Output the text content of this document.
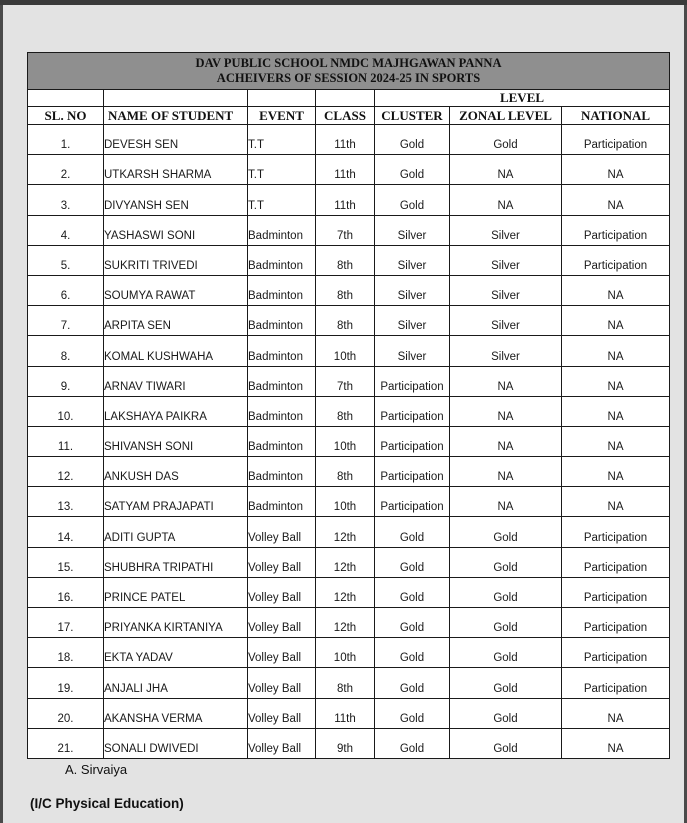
DAV PUBLIC SCHOOL NMDC MAJHGAWAN PANNA
ACHEIVERS OF SESSION 2024-25 IN SPORTS						

				LEVEL		
SL. NO	NAME OF STUDENT	EVENT	CLASS	CLUSTER	ZONAL LEVEL	NATIONAL
1.	DEVESH SEN	T.T	11th	Gold	Gold	Participation
2.	UTKARSH SHARMA	T.T	11th	Gold	NA	NA
3.	DIVYANSH SEN	T.T	11th	Gold	NA	NA
4.	YASHASWI SONI	Badminton	7th	Silver	Silver	Participation
5.	SUKRITI TRIVEDI	Badminton	8th	Silver	Silver	Participation
6.	SOUMYA RAWAT	Badminton	8th	Silver	Silver	NA
7.	ARPITA SEN	Badminton	8th	Silver	Silver	NA
8.	KOMAL KUSHWAHA	Badminton	10th	Silver	Silver	NA
9.	ARNAV TIWARI	Badminton	7th	Participation	NA	NA
10.	LAKSHAYA PAIKRA	Badminton	8th	Participation	NA	NA
11.	SHIVANSH SONI	Badminton	10th	Participation	NA	NA
12.	ANKUSH DAS	Badminton	8th	Participation	NA	NA
13.	SATYAM PRAJAPATI	Badminton	10th	Participation	NA	NA
14.	ADITI GUPTA	Volley Ball	12th	Gold	Gold	Participation
15.	SHUBHRA TRIPATHI	Volley Ball	12th	Gold	Gold	Participation
16.	PRINCE PATEL	Volley Ball	12th	Gold	Gold	Participation
17.	PRIYANKA KIRTANIYA	Volley Ball	12th	Gold	Gold	Participation
18.	EKTA YADAV	Volley Ball	10th	Gold	Gold	Participation
19.	ANJALI JHA	Volley Ball	8th	Gold	Gold	Participation
20.	AKANSHA VERMA	Volley Ball	11th	Gold	Gold	NA
21.	SONALI DWIVEDI	Volley Ball	9th	Gold	Gold	NA
A. Sirvaiya
(I/C Physical Education)
